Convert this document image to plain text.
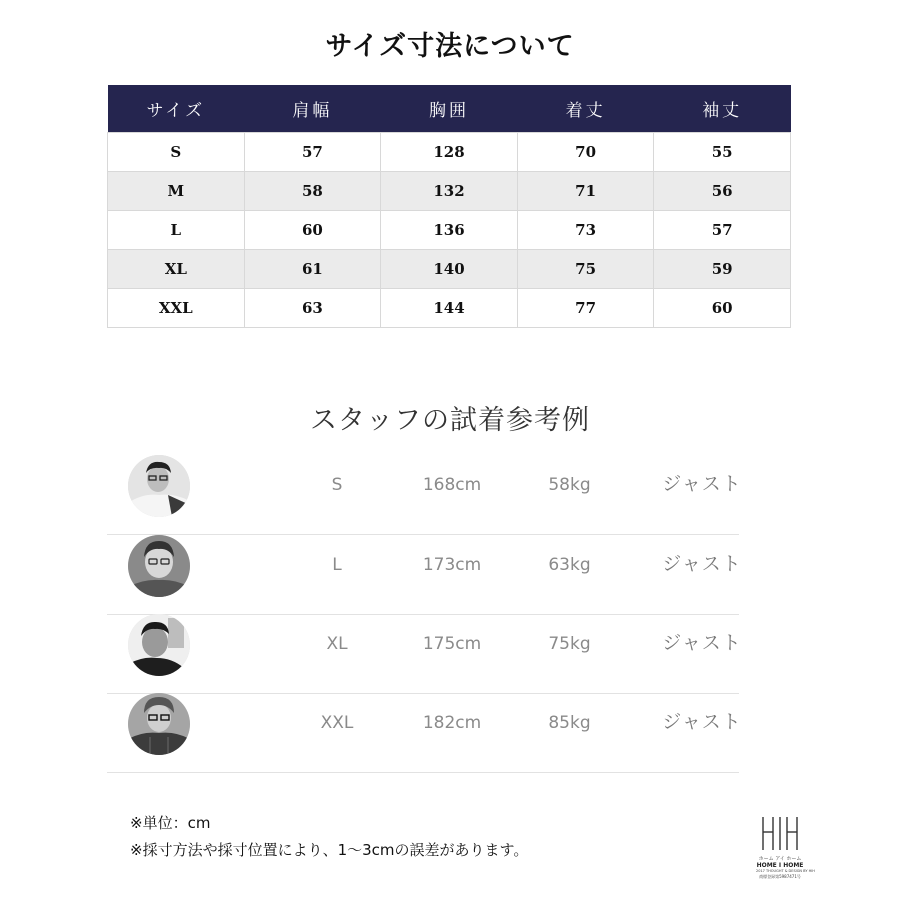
サイズ寸法について
サイズ	肩幅	胸囲	着丈	袖丈
S	57	128	70	55
M	58	132	71	56
L	60	136	73	57
XL	61	140	75	59
XXL	63	144	77	60
スタッフの試着参考例
S	168cm	58kg	ジャスト
L	173cm	63kg	ジャスト
XL	175cm	75kg	ジャスト
XXL	182cm	85kg	ジャスト
※単位：cm
※採寸方法や採寸位置により、1～3cmの誤差があります。	ホーム アイ ホーム
HOME I HOME
2017 THOUGHT & DESIGN BY HIH
商標登録第5987471号
